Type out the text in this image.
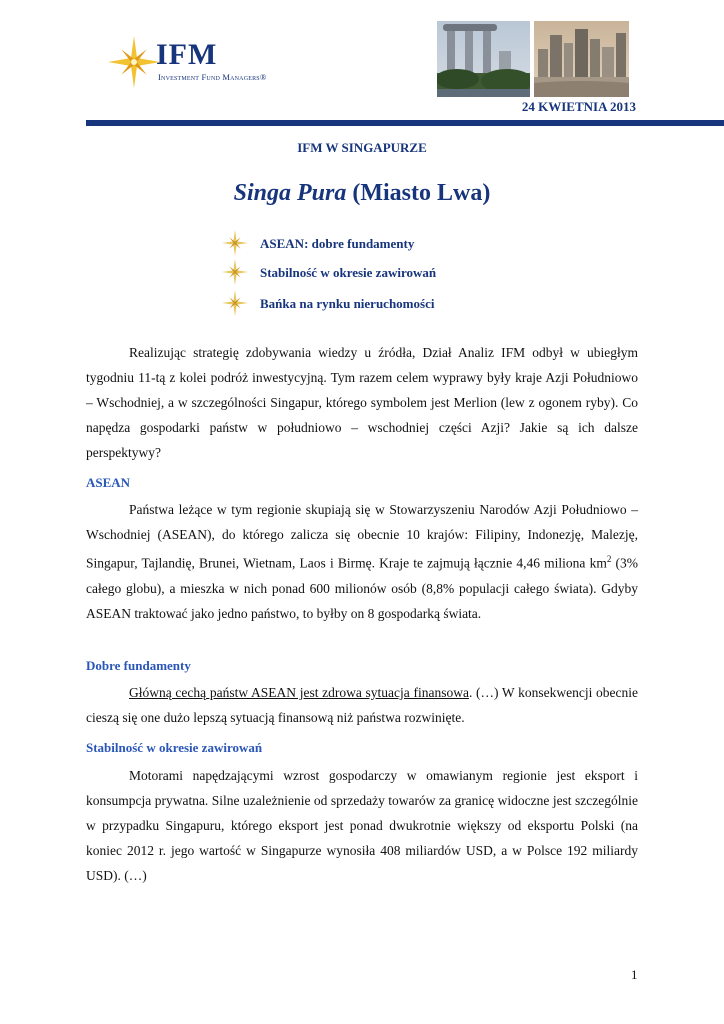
IFM
Investment Fund Managers®
24 KWIETNIA 2013
IFM W SINGAPURZE
Singa Pura (Miasto Lwa)
ASEAN: dobre fundamenty
Stabilność w okresie zawirowań
Bańka na rynku nieruchomości
Realizując strategię zdobywania wiedzy u źródła, Dział Analiz IFM odbył w ubiegłym tygodniu 11-tą z kolei podróż inwestycyjną. Tym razem celem wyprawy były kraje Azji Południowo – Wschodniej, a w szczególności Singapur, którego symbolem jest Merlion (lew z ogonem ryby). Co napędza gospodarki państw w południowo – wschodniej części Azji? Jakie są ich dalsze perspektywy?
ASEAN
Państwa leżące w tym regionie skupiają się w Stowarzyszeniu Narodów Azji Południowo – Wschodniej (ASEAN), do którego zalicza się obecnie 10 krajów: Filipiny, Indonezję, Malezję, Singapur, Tajlandię, Brunei, Wietnam, Laos i Birmę. Kraje te zajmują łącznie 4,46 miliona $km^2$ (3% całego globu), a mieszka w nich ponad 600 milionów osób (8,8% populacji całego świata). Gdyby ASEAN traktować jako jedno państwo, to byłby on 8 gospodarką świata.
Dobre fundamenty
Główną cechą państw ASEAN jest zdrowa sytuacja finansowa. (…) W konsekwencji obecnie cieszą się one dużo lepszą sytuacją finansową niż państwa rozwinięte.
Stabilność w okresie zawirowań
Motorami napędzającymi wzrost gospodarczy w omawianym regionie jest eksport i konsumpcja prywatna. Silne uzależnienie od sprzedaży towarów za granicę widoczne jest szczególnie w przypadku Singapuru, którego eksport jest ponad dwukrotnie większy od eksportu Polski (na koniec 2012 r. jego wartość w Singapurze wynosiła 408 miliardów USD, a w Polsce 192 miliardy USD). (…)
1
